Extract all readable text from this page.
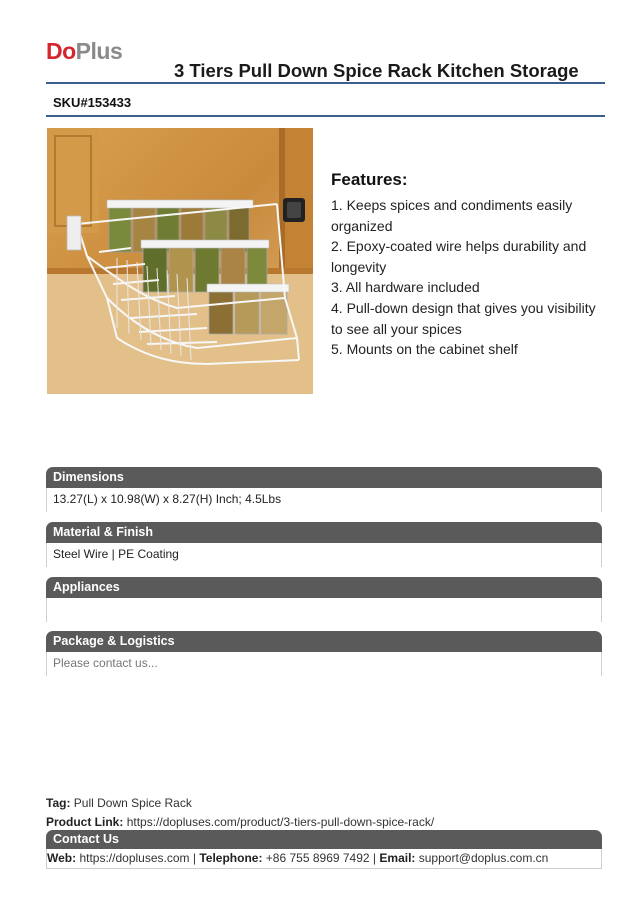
DoPlus
3 Tiers Pull Down Spice Rack Kitchen Storage
SKU#153433
Features:
1. Keeps spices and condiments easily organized
2. Epoxy-coated wire helps durability and longevity
3. All hardware included
4. Pull-down design that gives you visibility to see all your spices
5. Mounts on the cabinet shelf
Dimensions
13.27(L) x 10.98(W) x 8.27(H) Inch; 4.5Lbs
Material & Finish
Steel Wire | PE Coating
Appliances
Package & Logistics
Please contact us...
Tag: Pull Down Spice Rack
Product Link: https://dopluses.com/product/3-tiers-pull-down-spice-rack/
Contact Us
Web: https://dopluses.com | Telephone: +86 755 8969 7492 | Email: support@doplus.com.cn
